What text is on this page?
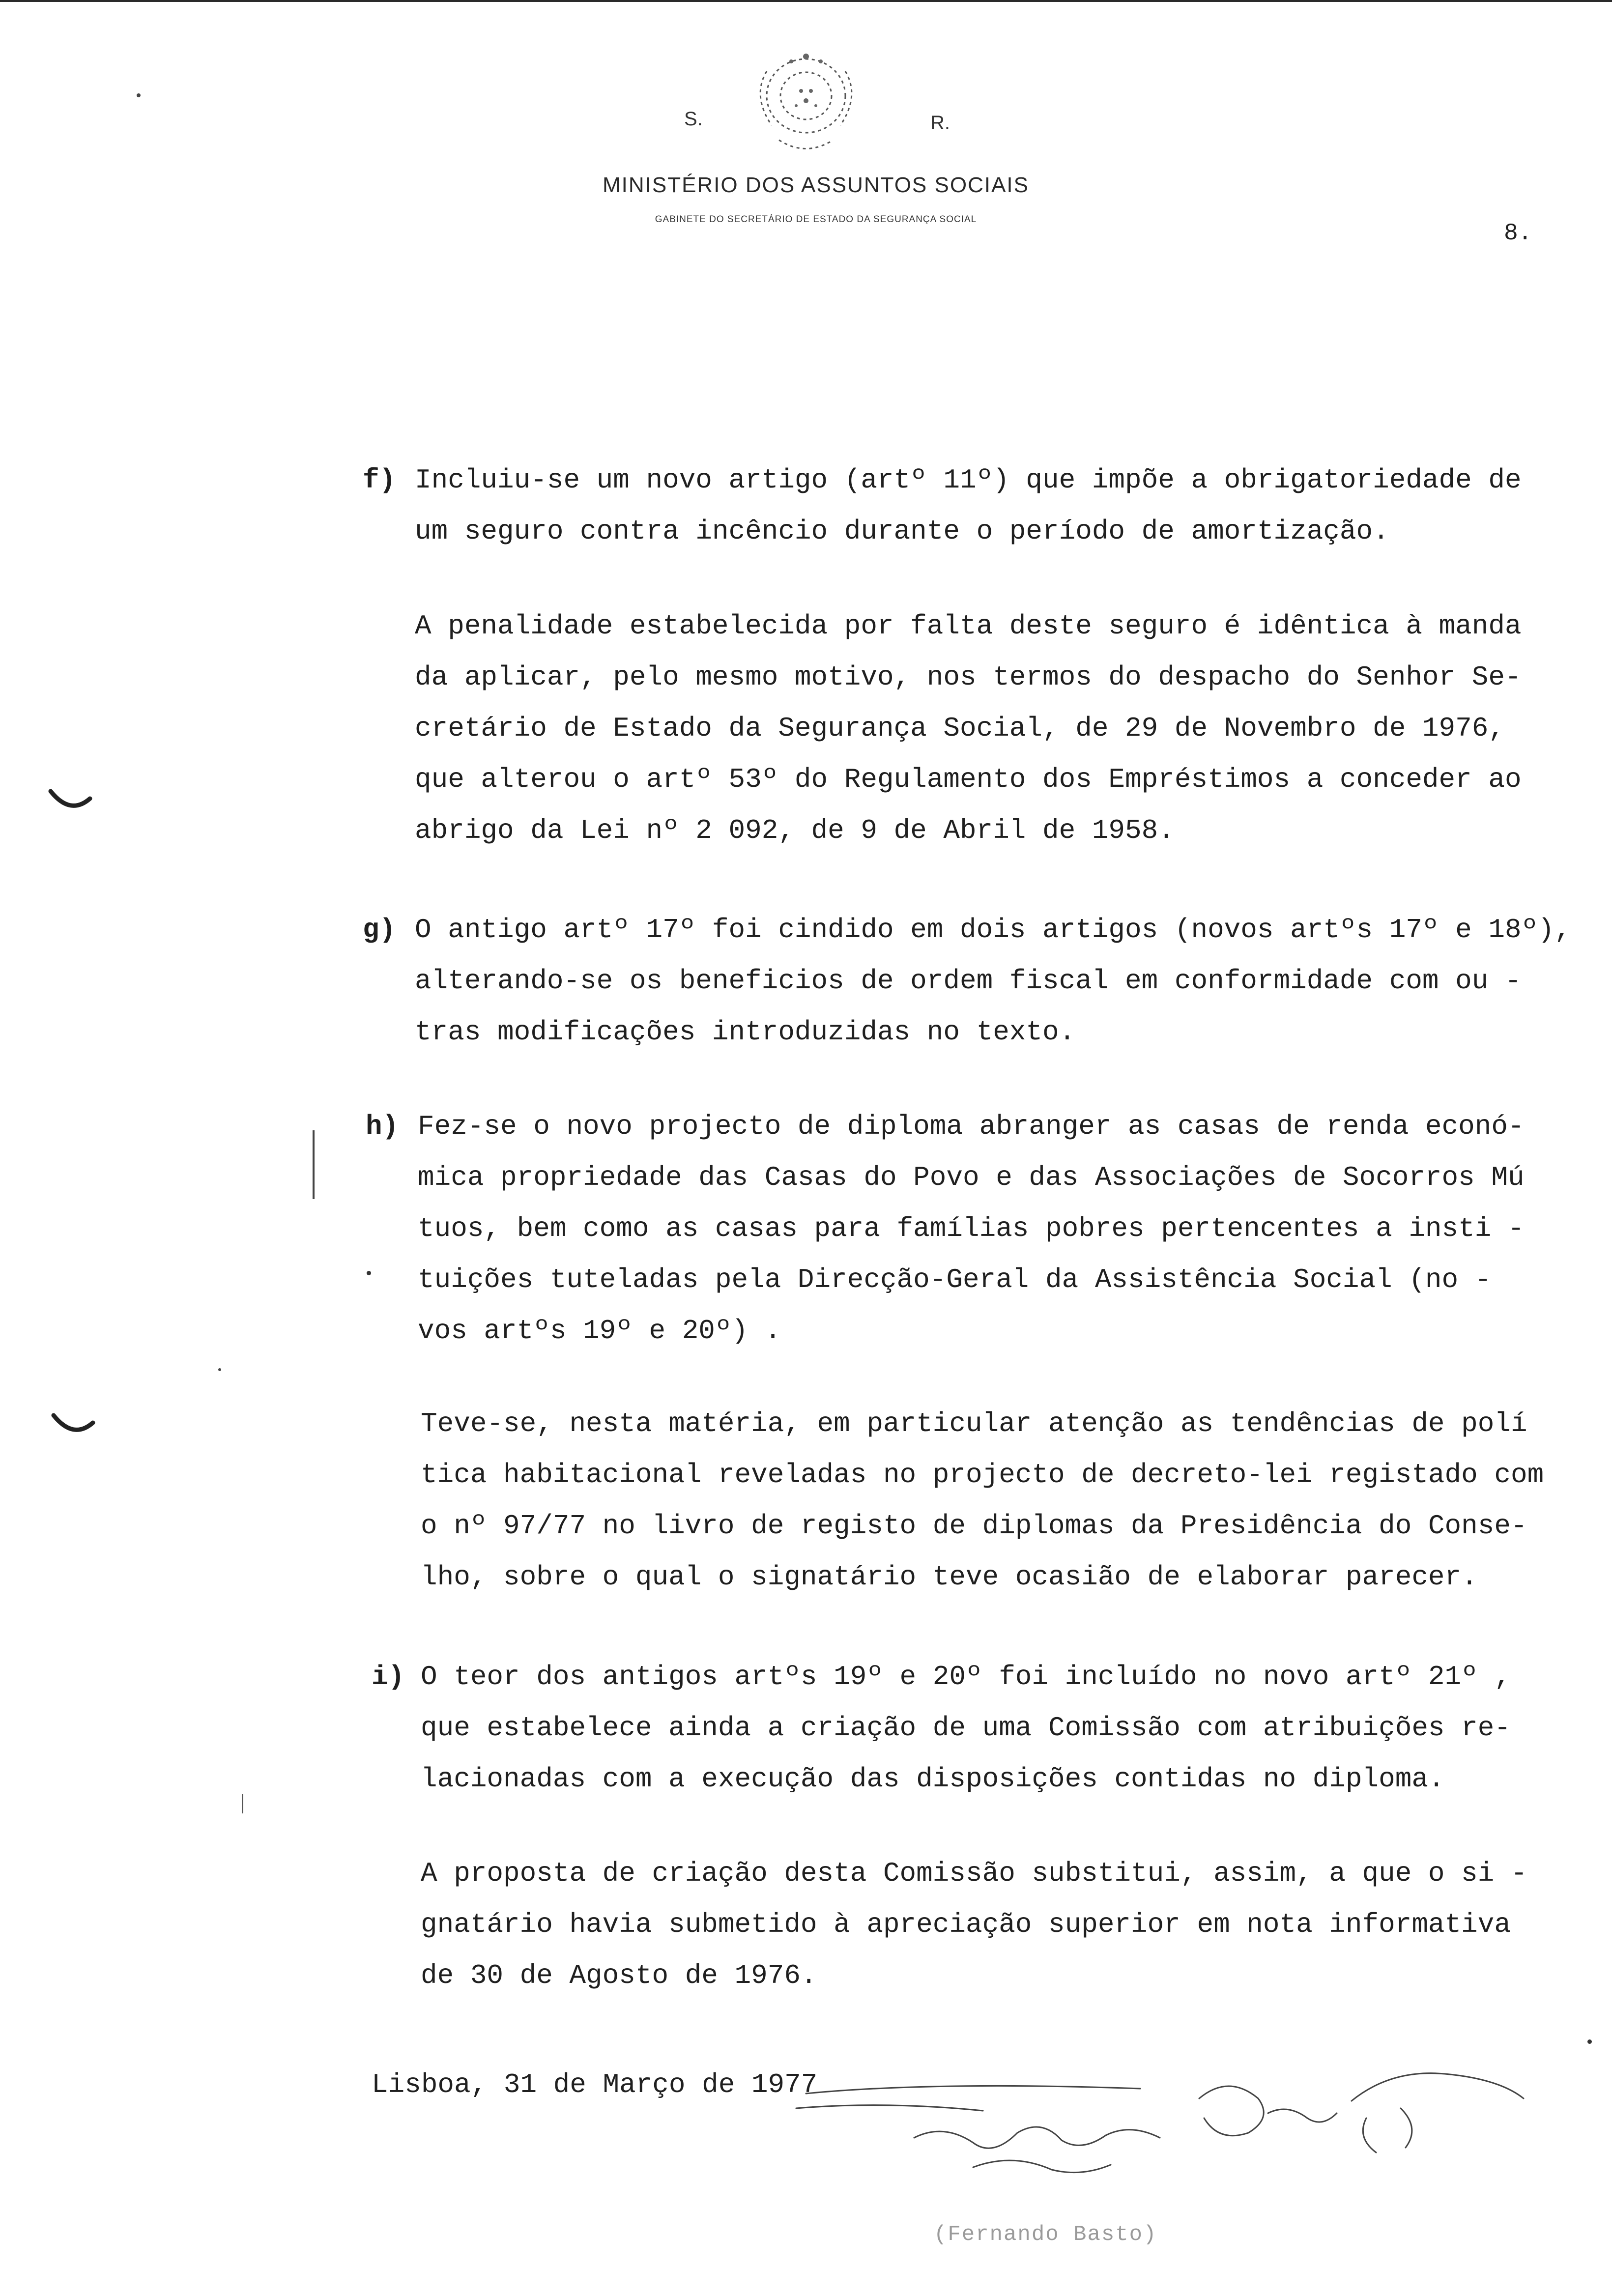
S.	R.
MINISTÉRIO DOS ASSUNTOS SOCIAIS
GABINETE DO SECRETÁRIO DE ESTADO DA SEGURANÇA SOCIAL
8.
f) Incluiu-se um novo artigo (artº 11º) que impõe a obrigatoriedade de
um seguro contra incêncio durante o período de amortização.
A penalidade estabelecida por falta deste seguro é idêntica à manda
da aplicar, pelo mesmo motivo, nos termos do despacho do Senhor Se-
cretário de Estado da Segurança Social, de 29 de Novembro de 1976,
que alterou o artº 53º do Regulamento dos Empréstimos a conceder ao
abrigo da Lei nº 2 092, de 9 de Abril de 1958.
g) O antigo artº 17º foi cindido em dois artigos (novos artºs 17º e 18º),
alterando-se os beneficios de ordem fiscal em conformidade com ou -
tras modificações introduzidas no texto.
h) Fez-se o novo projecto de diploma abranger as casas de renda econó-
mica propriedade das Casas do Povo e das Associações de Socorros Mú
tuos, bem como as casas para famílias pobres pertencentes a insti -
tuições tuteladas pela Direcção-Geral da Assistência Social (no -
vos artºs 19º e 20º) .
Teve-se, nesta matéria, em particular atenção as tendências de polí
tica habitacional reveladas no projecto de decreto-lei registado com
o nº 97/77 no livro de registo de diplomas da Presidência do Conse-
lho, sobre o qual o signatário teve ocasião de elaborar parecer.
i) O teor dos antigos artºs 19º e 20º foi incluído no novo artº 21º ,
que estabelece ainda a criação de uma Comissão com atribuições re-
lacionadas com a execução das disposições contidas no diploma.
A proposta de criação desta Comissão substitui, assim, a que o si -
gnatário havia submetido à apreciação superior em nota informativa
de 30 de Agosto de 1976.
Lisboa, 31 de Março de 1977
(Fernando Basto)
